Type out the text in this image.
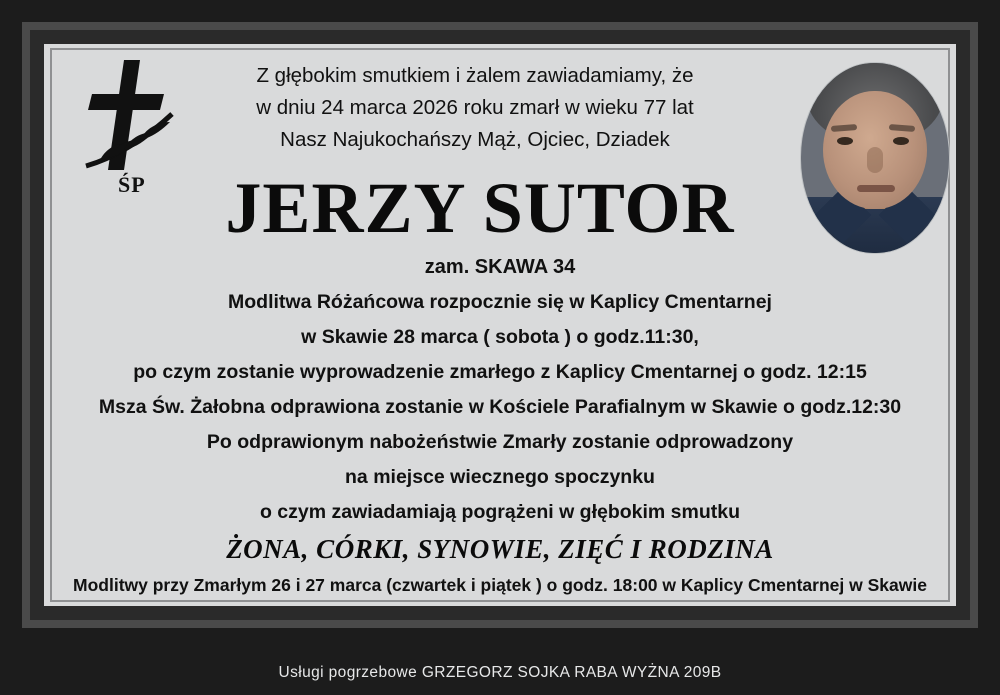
ŚP
Z głębokim smutkiem i żalem zawiadamiamy, że
w dniu 24 marca 2026 roku zmarł w wieku 77 lat
Nasz Najukochańszy Mąż, Ojciec, Dziadek
JERZY SUTOR
zam. SKAWA 34
Modlitwa Różańcowa rozpocznie się w Kaplicy Cmentarnej
w Skawie 28 marca ( sobota ) o godz.11:30,
po czym zostanie wyprowadzenie zmarłego z Kaplicy Cmentarnej o godz. 12:15
Msza Św. Żałobna odprawiona zostanie w Kościele Parafialnym w Skawie o godz.12:30
Po odprawionym nabożeństwie Zmarły zostanie odprowadzony
na miejsce wiecznego spoczynku
o czym zawiadamiają pogrążeni w głębokim smutku
ŻONA, CÓRKI, SYNOWIE, ZIĘĆ I RODZINA
Modlitwy przy Zmarłym 26 i 27 marca (czwartek i piątek ) o godz. 18:00 w Kaplicy Cmentarnej w Skawie
Usługi pogrzebowe GRZEGORZ SOJKA RABA WYŻNA 209B
